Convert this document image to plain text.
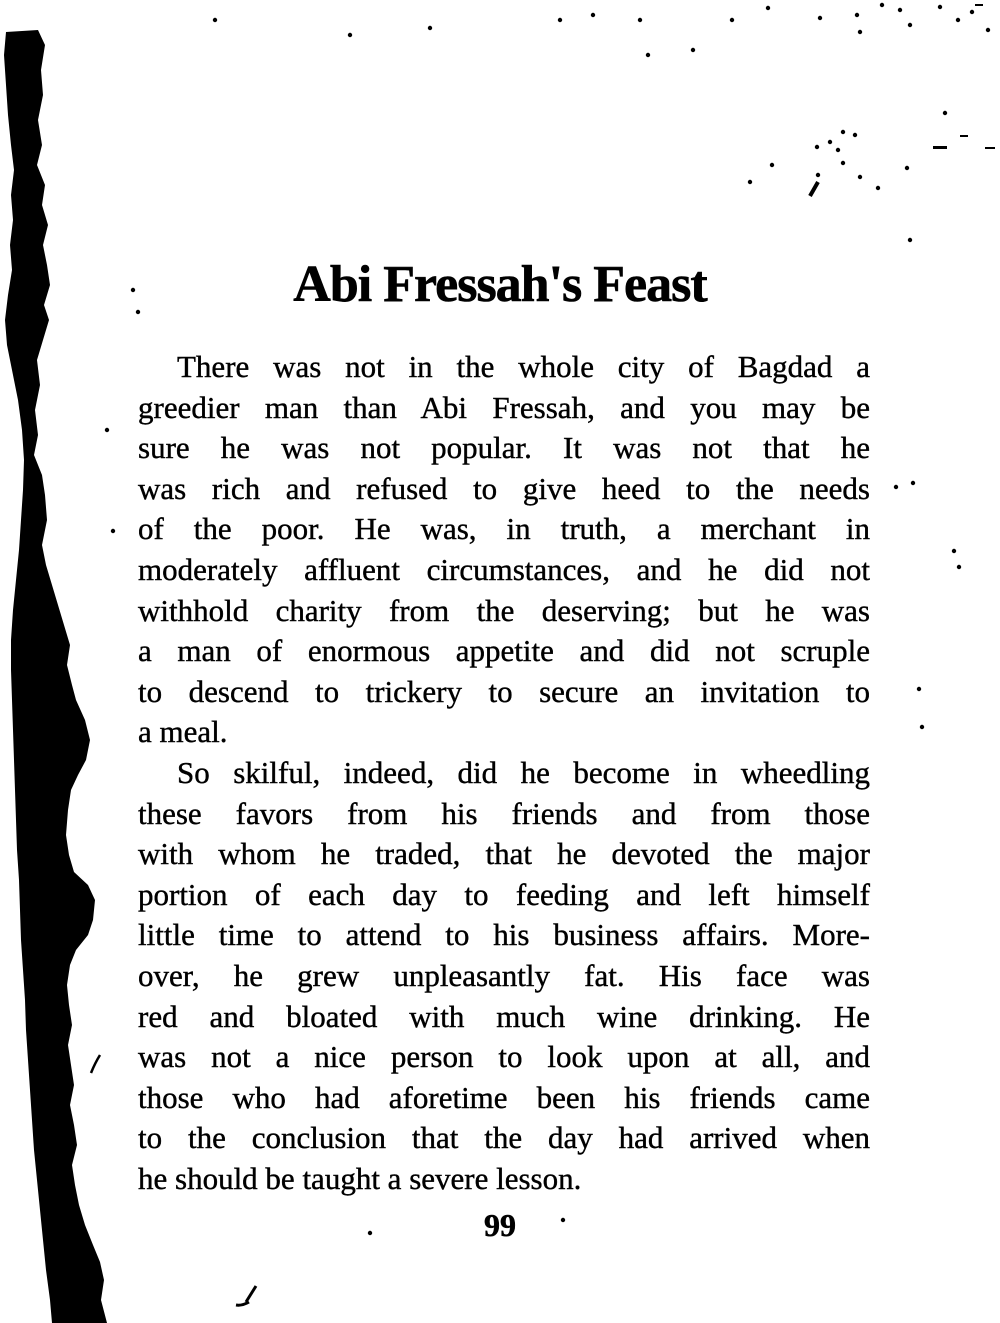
Abi Fressah's Feast
There was not in the whole city of Bagdad a
greedier man than Abi Fressah, and you may be
sure he was not popular. It was not that he
was rich and refused to give heed to the needs
of the poor. He was, in truth, a merchant in
moderately affluent circumstances, and he did not
withhold charity from the deserving; but he was
a man of enormous appetite and did not scruple
to descend to trickery to secure an invitation to
a meal.
So skilful, indeed, did he become in wheedling
these favors from his friends and from those
with whom he traded, that he devoted the major
portion of each day to feeding and left himself
little time to attend to his business affairs. More-
over, he grew unpleasantly fat. His face was
red and bloated with much wine drinking. He
was not a nice person to look upon at all, and
those who had aforetime been his friends came
to the conclusion that the day had arrived when
he should be taught a severe lesson.
99
